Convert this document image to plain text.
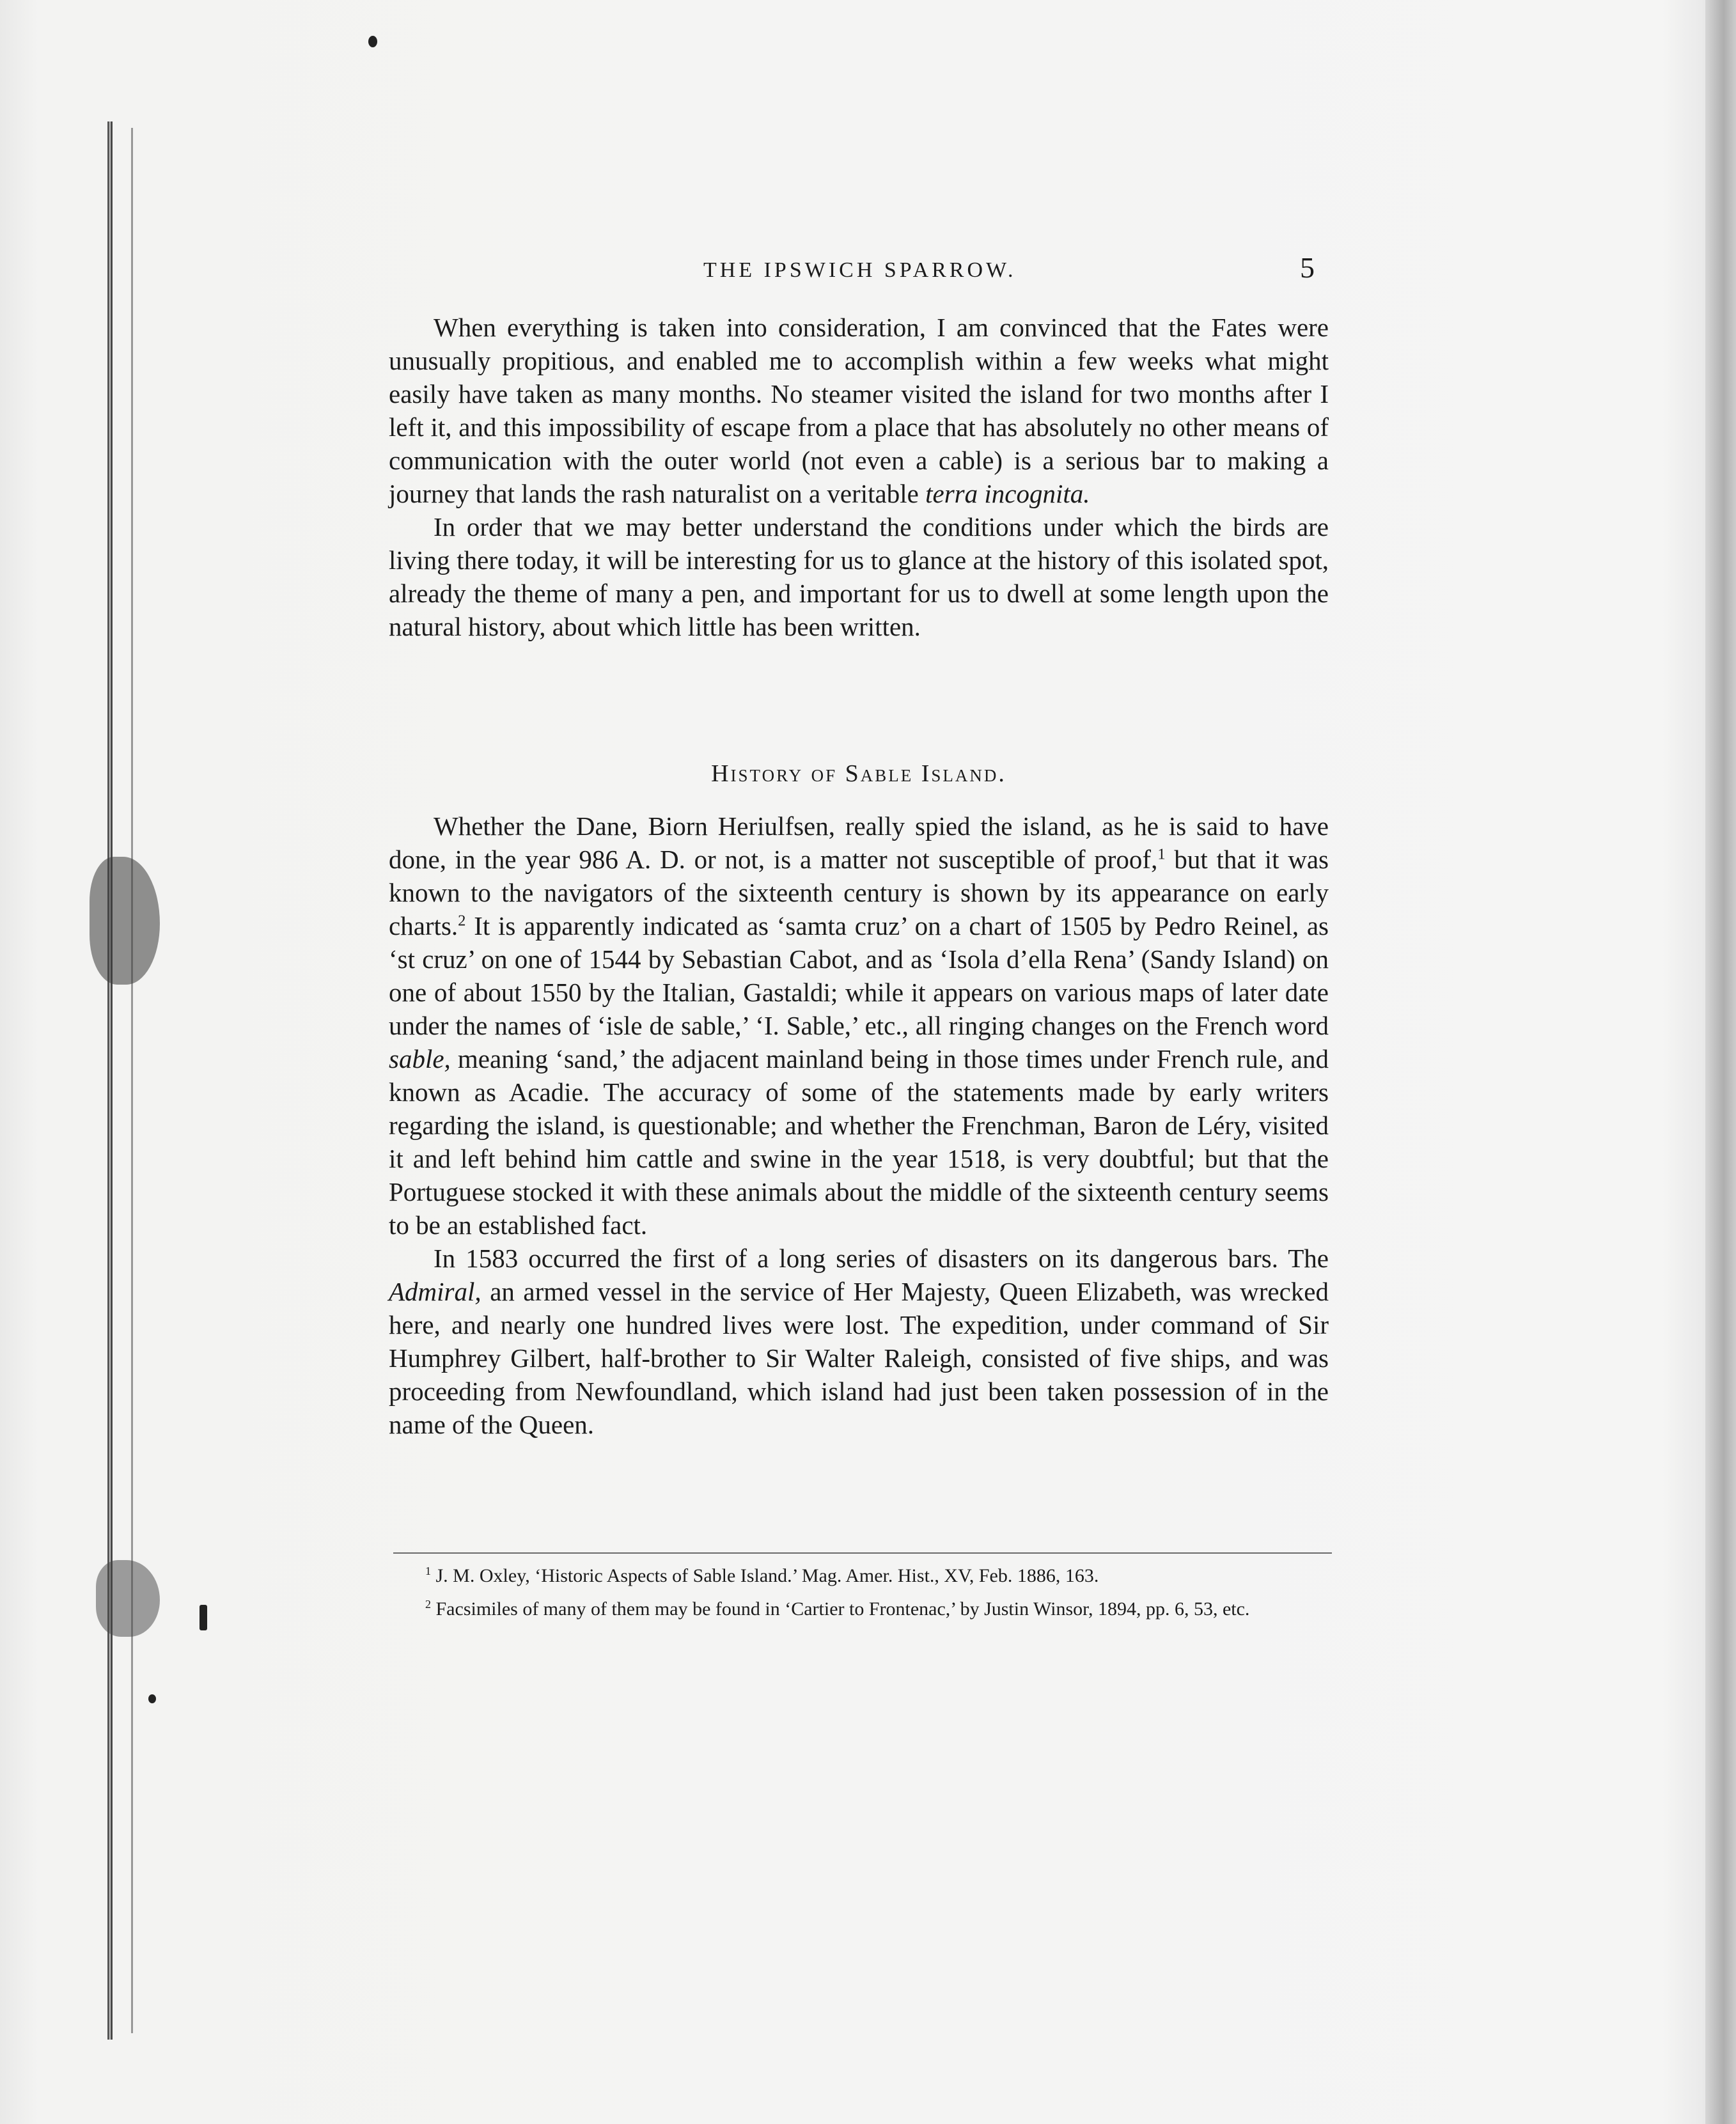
THE IPSWICH SPARROW.	5

When everything is taken into consideration, I am convinced that the Fates were unusually propitious, and enabled me to accomplish within a few weeks what might easily have taken as many months. No steamer visited the island for two months after I left it, and this impossibility of escape from a place that has absolutely no other means of communication with the outer world (not even a cable) is a serious bar to making a journey that lands the rash naturalist on a veritable terra incognita.

In order that we may better understand the conditions under which the birds are living there today, it will be interesting for us to glance at the history of this isolated spot, already the theme of many a pen, and important for us to dwell at some length upon the natural history, about which little has been written.

History of Sable Island.

Whether the Dane, Biorn Heriulfsen, really spied the island, as he is said to have done, in the year 986 A. D. or not, is a matter not susceptible of proof,$^1$ but that it was known to the navigators of the sixteenth century is shown by its appearance on early charts.$^2$ It is apparently indicated as ‘samta cruz’ on a chart of 1505 by Pedro Reinel, as ‘st cruz’ on one of 1544 by Sebastian Cabot, and as ‘Isola d’ella Rena’ (Sandy Island) on one of about 1550 by the Italian, Gastaldi; while it appears on various maps of later date under the names of ‘isle de sable,’ ‘I. Sable,’ etc., all ringing changes on the French word sable, meaning ‘sand,’ the adjacent mainland being in those times under French rule, and known as Acadie. The accuracy of some of the statements made by early writers regarding the island, is questionable; and whether the Frenchman, Baron de Léry, visited it and left behind him cattle and swine in the year 1518, is very doubtful; but that the Portuguese stocked it with these animals about the middle of the sixteenth century seems to be an established fact.

In 1583 occurred the first of a long series of disasters on its dangerous bars. The Admiral, an armed vessel in the service of Her Majesty, Queen Elizabeth, was wrecked here, and nearly one hundred lives were lost. The expedition, under command of Sir Humphrey Gilbert, half-brother to Sir Walter Raleigh, consisted of five ships, and was proceeding from Newfoundland, which island had just been taken possession of in the name of the Queen.

$^1$ J. M. Oxley, ‘Historic Aspects of Sable Island.’ Mag. Amer. Hist., XV, Feb. 1886, 163.

$^2$ Facsimiles of many of them may be found in ‘Cartier to Frontenac,’ by Justin Winsor, 1894, pp. 6, 53, etc.
